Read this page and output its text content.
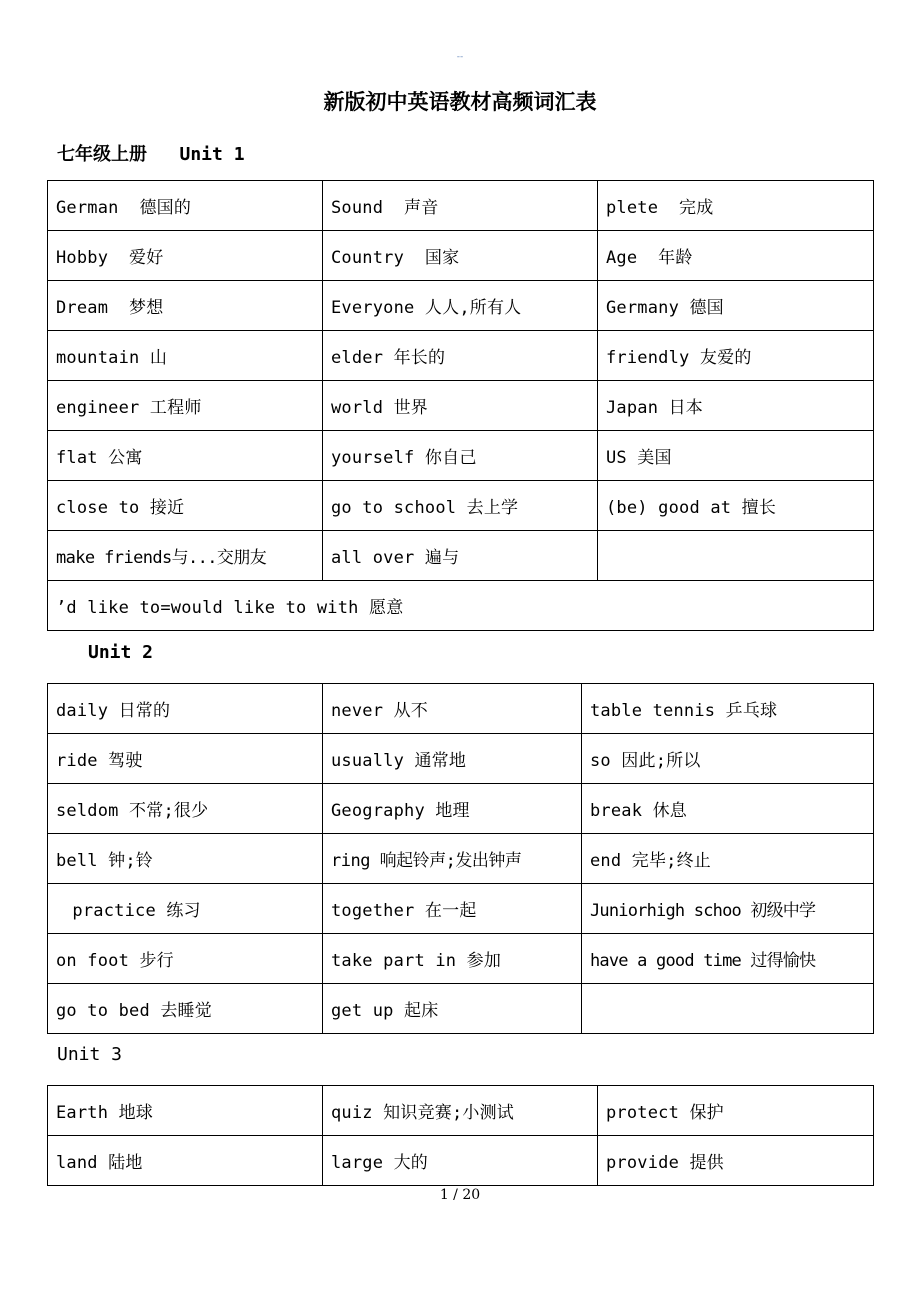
--
新版初中英语教材高频词汇表
七年级上册   Unit 1
German  德国的	Sound  声音	plete  完成
Hobby  爱好	Country  国家	Age  年龄
Dream  梦想	Everyone 人人,所有人	Germany 德国
mountain 山	elder 年长的	friendly 友爱的
engineer 工程师	world 世界	Japan 日本
flat 公寓	yourself 你自己	US 美国
close to 接近	go to school 去上学	(be) good at 擅长
make friends与...交朋友	all over 遍与	
’d like to=would like to with 愿意		
Unit 2
daily 日常的	never 从不	table tennis 乒乓球
ride 驾驶	usually 通常地	so 因此;所以
seldom 不常;很少	Geography 地理	break 休息
bell 钟;铃	ring 响起铃声;发出钟声	end 完毕;终止
practice 练习	together 在一起	Juniorhigh schoo 初级中学
on foot 步行	take part in 参加	have a good time 过得愉快
go to bed 去睡觉	get up 起床	
Unit 3
Earth 地球	quiz 知识竞赛;小测试	protect 保护
land 陆地	large 大的	provide 提供
1 / 20
